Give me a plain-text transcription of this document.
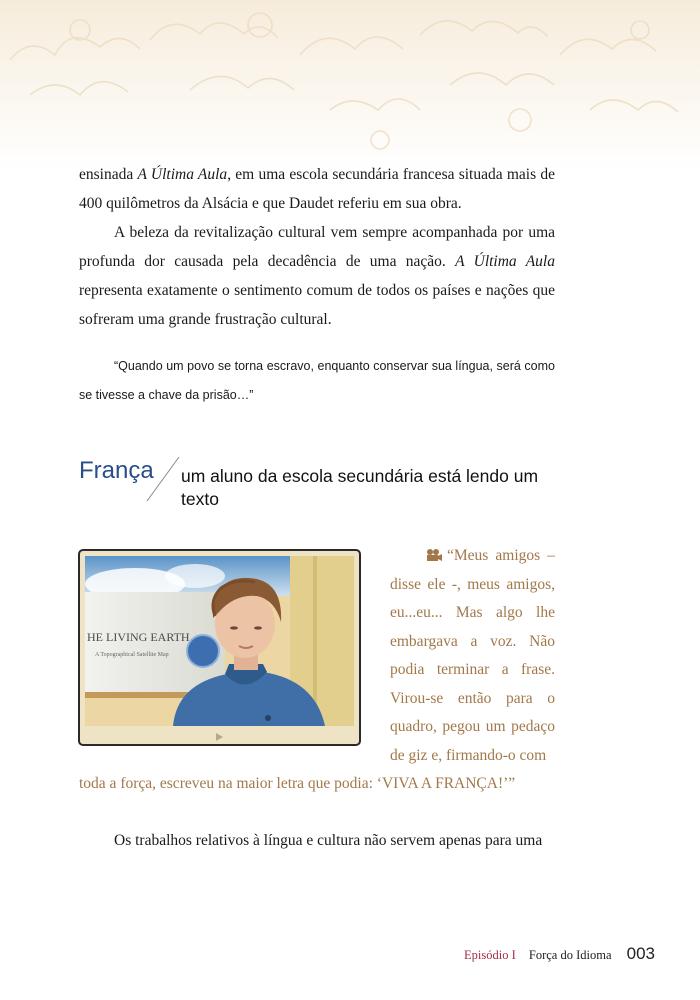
ensinada A Última Aula, em uma escola secundária francesa situada mais de 400 quilômetros da Alsácia e que Daudet referiu em sua obra.
A beleza da revitalização cultural vem sempre acompanhada por uma profunda dor causada pela decadência de uma nação. A Última Aula representa exatamente o sentimento comum de todos os países e nações que sofreram uma grande frustração cultural.
“Quando um povo se torna escravo, enquanto conservar sua língua, será como se tivesse a chave da prisão…”
França um aluno da escola secundária está lendo um texto
HE LIVING EARTH
A Topographical Satellite Map
“Meus amigos – disse ele -, meus amigos, eu...eu... Mas algo lhe embargava a voz. Não podia terminar a frase. Virou-se então para o quadro, pegou um pedaço de giz e, firmando-o com
toda a força, escreveu na maior letra que podia: ‘VIVA A FRANÇA!’”
Os trabalhos relativos à língua e cultura não servem apenas para uma
Episódio I Força do Idioma 003
